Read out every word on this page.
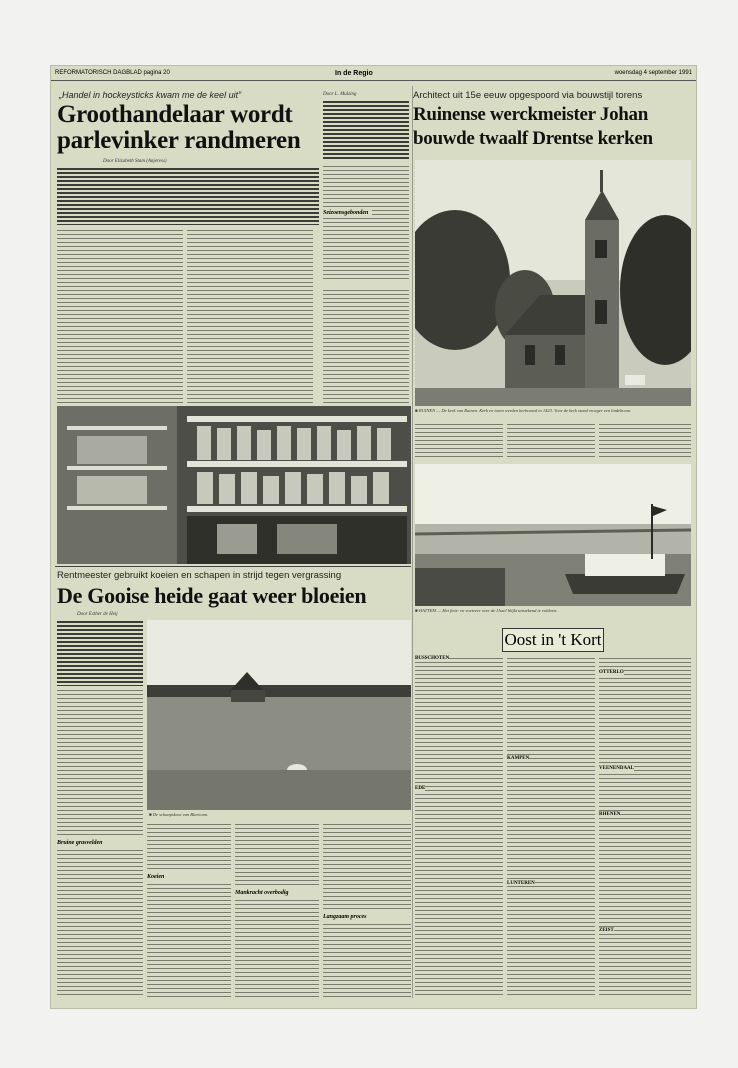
REFORMATORISCH DAGBLAD pagina 20	In de Regio	woensdag 4 september 1991
„Handel in hockeysticks kwam me de keel uit”
Groothandelaar wordt
parlevinker randmeren
Door Elizabeth Stam (Anjeress)
Seizoensgebonden
Door L. Mulzing	Architect uit 15e eeuw opgespoord via bouwstijl torens
Ruinense werckmeister Johan
bouwde twaalf Drentse kerken
■ RUINEN — De kerk van Ruinen. Kerk en toren werden herbouwd in 1423. Voor de kerk stond vroeger een lindeboom.
■ HATTEM — Het fiets- en voetveer over de IJssel blijkt uitstekend te voldoen.
Rentmeester gebruikt koeien en schapen in strijd tegen vergrassing
De Gooise heide gaat weer bloeien
Door Esther de Heij
Bruine grasvelden
■ De schaapskooi van Blaricum.
Koeien
Mankracht overbodig
Langzaam proces
Oost in 't Kort
BUSSCHOTEN
EDE
KAMPEN
LUNTEREN
OTTERLO
RHENEN
VEENENDAAL
ZEIST
